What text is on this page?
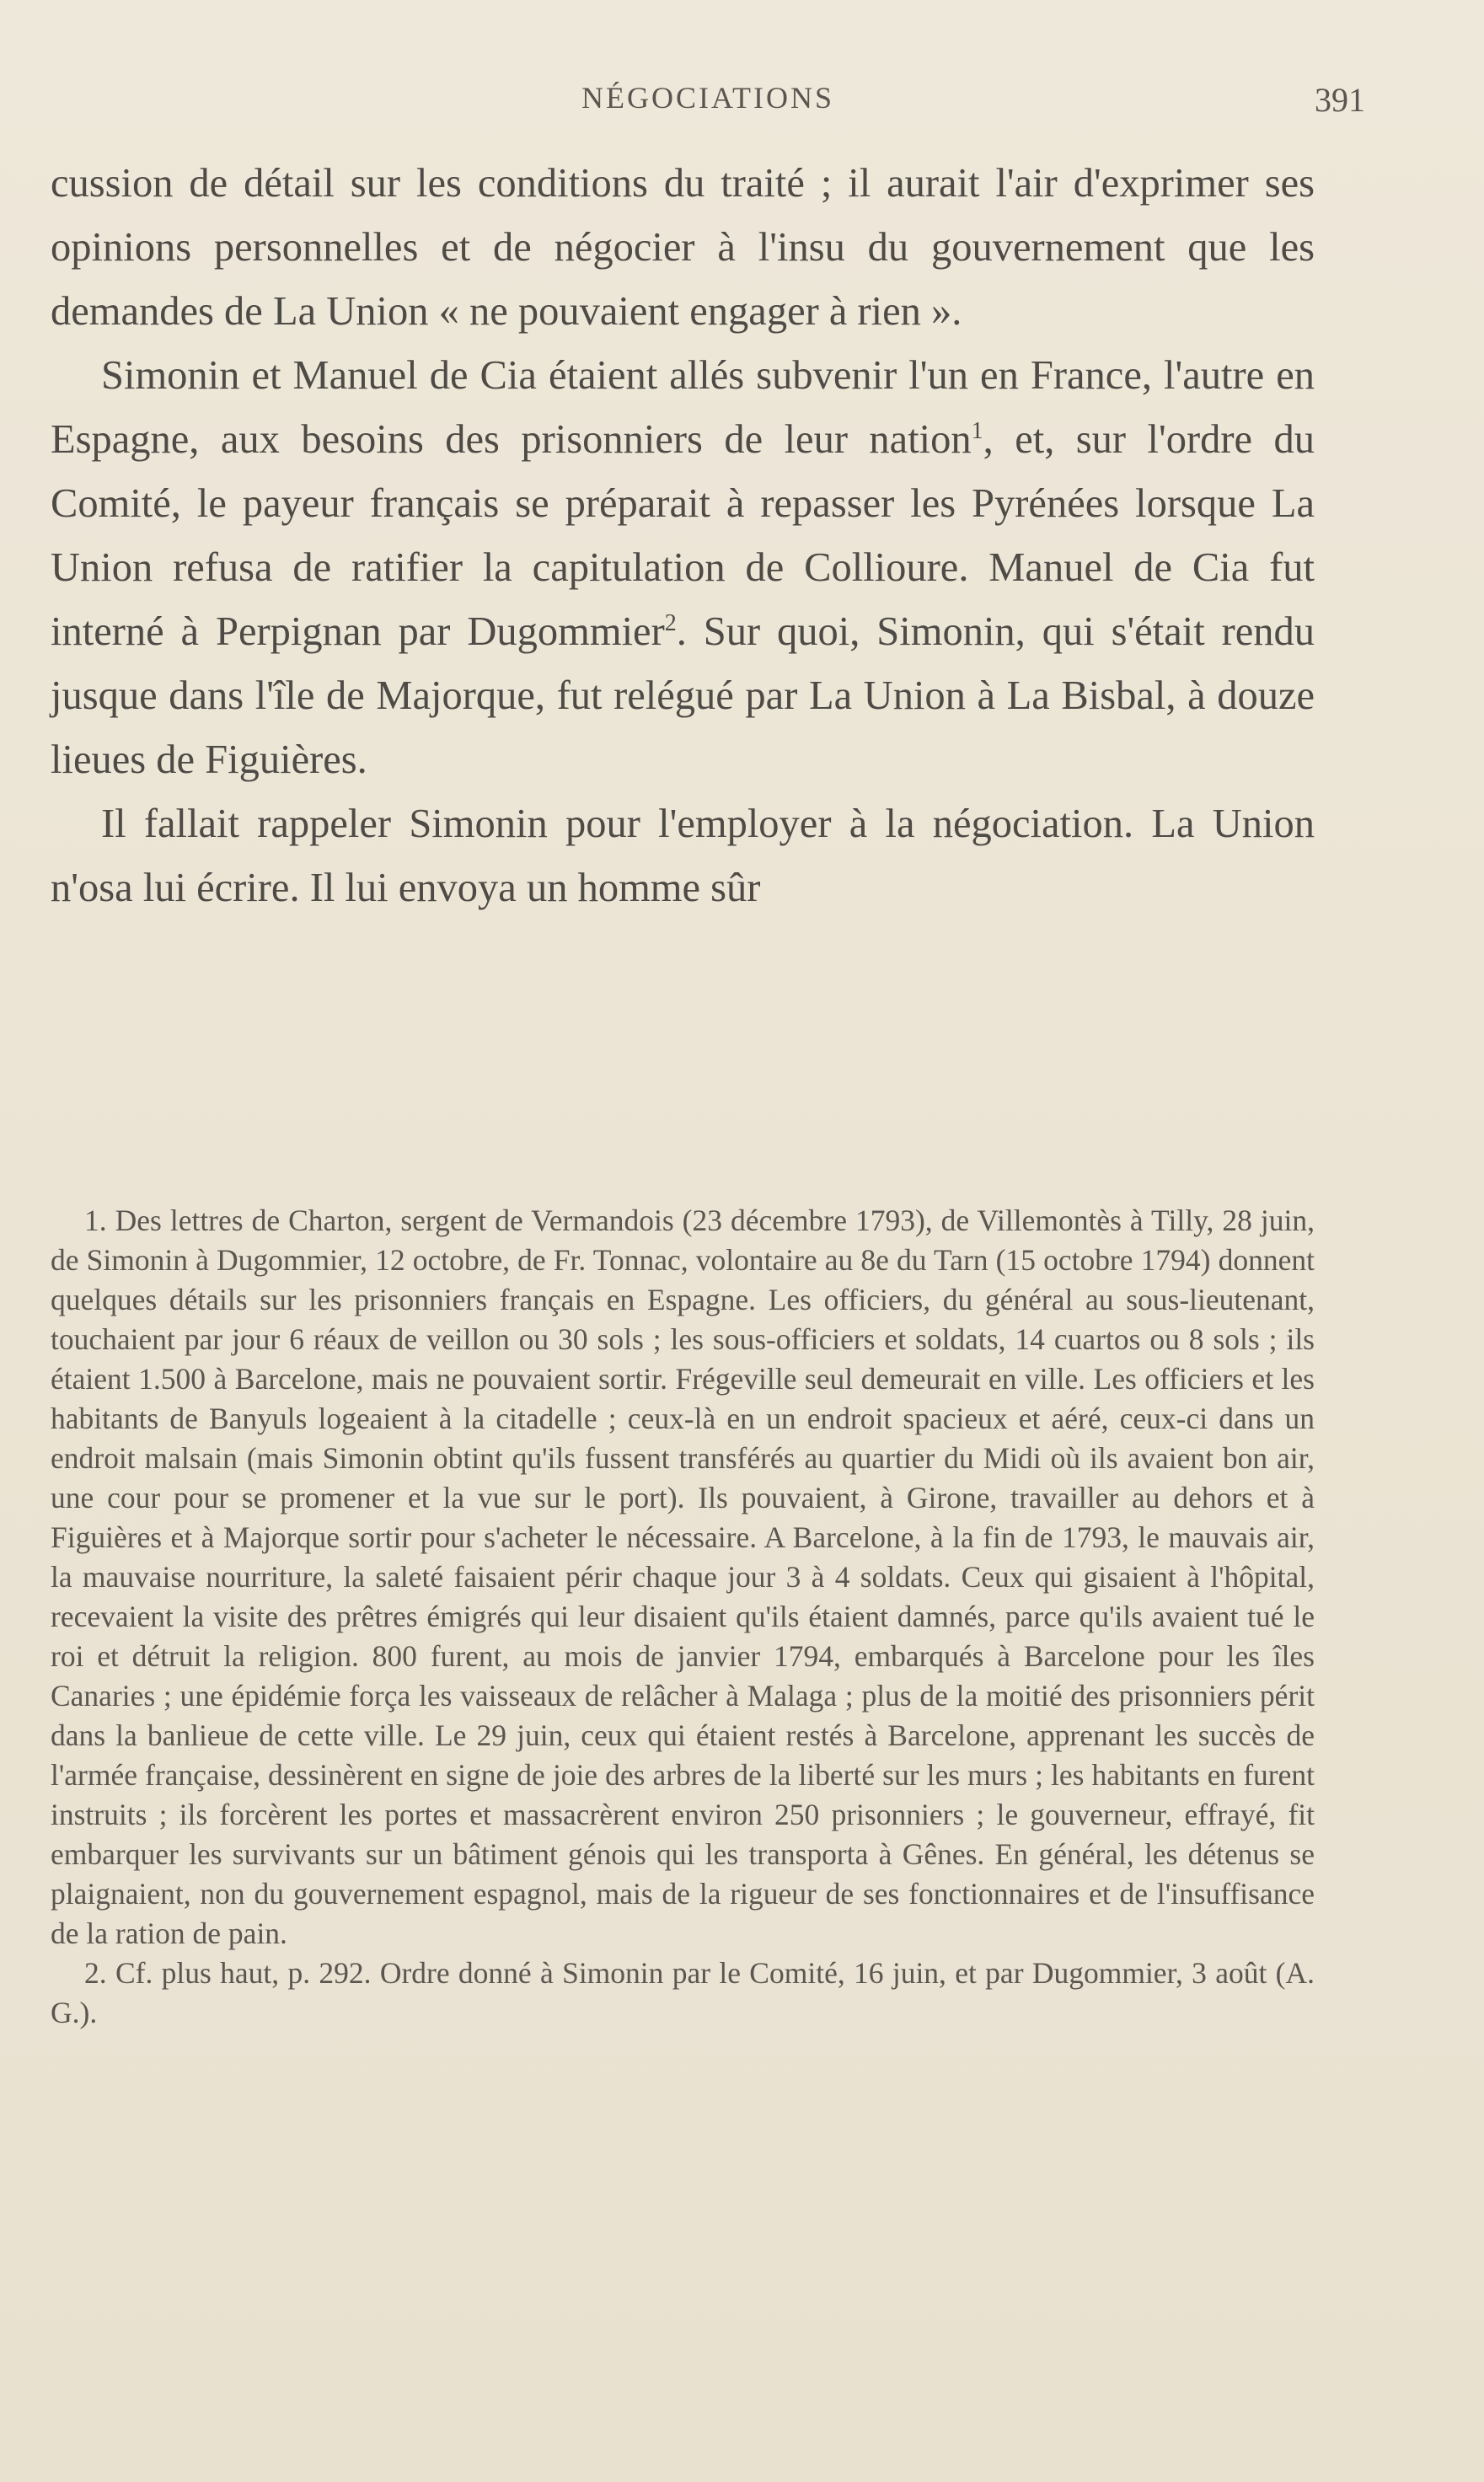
NÉGOCIATIONS	391

cussion de détail sur les conditions du traité ; il aurait l'air d'exprimer ses opinions personnelles et de négocier à l'insu du gouvernement que les demandes de La Union « ne pouvaient engager à rien ».

Simonin et Manuel de Cia étaient allés subvenir l'un en France, l'autre en Espagne, aux besoins des prisonniers de leur nation$^1$, et, sur l'ordre du Comité, le payeur français se préparait à repasser les Pyrénées lorsque La Union refusa de ratifier la capitulation de Collioure. Manuel de Cia fut interné à Perpignan par Dugommier$^2$. Sur quoi, Simonin, qui s'était rendu jusque dans l'île de Majorque, fut relégué par La Union à La Bisbal, à douze lieues de Figuières.

Il fallait rappeler Simonin pour l'employer à la négociation. La Union n'osa lui écrire. Il lui envoya un homme sûr

1. Des lettres de Charton, sergent de Vermandois (23 décembre 1793), de Villemontès à Tilly, 28 juin, de Simonin à Dugommier, 12 octobre, de Fr. Tonnac, volontaire au 8e du Tarn (15 octobre 1794) donnent quelques détails sur les prisonniers français en Espagne. Les officiers, du général au sous-lieutenant, touchaient par jour 6 réaux de veillon ou 30 sols ; les sous-officiers et soldats, 14 cuartos ou 8 sols ; ils étaient 1.500 à Barcelone, mais ne pouvaient sortir. Frégeville seul demeurait en ville. Les officiers et les habitants de Banyuls logeaient à la citadelle ; ceux-là en un endroit spacieux et aéré, ceux-ci dans un endroit malsain (mais Simonin obtint qu'ils fussent transférés au quartier du Midi où ils avaient bon air, une cour pour se promener et la vue sur le port). Ils pouvaient, à Girone, travailler au dehors et à Figuières et à Majorque sortir pour s'acheter le nécessaire. A Barcelone, à la fin de 1793, le mauvais air, la mauvaise nourriture, la saleté faisaient périr chaque jour 3 à 4 soldats. Ceux qui gisaient à l'hôpital, recevaient la visite des prêtres émigrés qui leur disaient qu'ils étaient damnés, parce qu'ils avaient tué le roi et détruit la religion. 800 furent, au mois de janvier 1794, embarqués à Barcelone pour les îles Canaries ; une épidémie força les vaisseaux de relâcher à Malaga ; plus de la moitié des prisonniers périt dans la banlieue de cette ville. Le 29 juin, ceux qui étaient restés à Barcelone, apprenant les succès de l'armée française, dessinèrent en signe de joie des arbres de la liberté sur les murs ; les habitants en furent instruits ; ils forcèrent les portes et massacrèrent environ 250 prisonniers ; le gouverneur, effrayé, fit embarquer les survivants sur un bâtiment génois qui les transporta à Gênes. En général, les détenus se plaignaient, non du gouvernement espagnol, mais de la rigueur de ses fonctionnaires et de l'insuffisance de la ration de pain.

2. Cf. plus haut, p. 292. Ordre donné à Simonin par le Comité, 16 juin, et par Dugommier, 3 août (A. G.).
